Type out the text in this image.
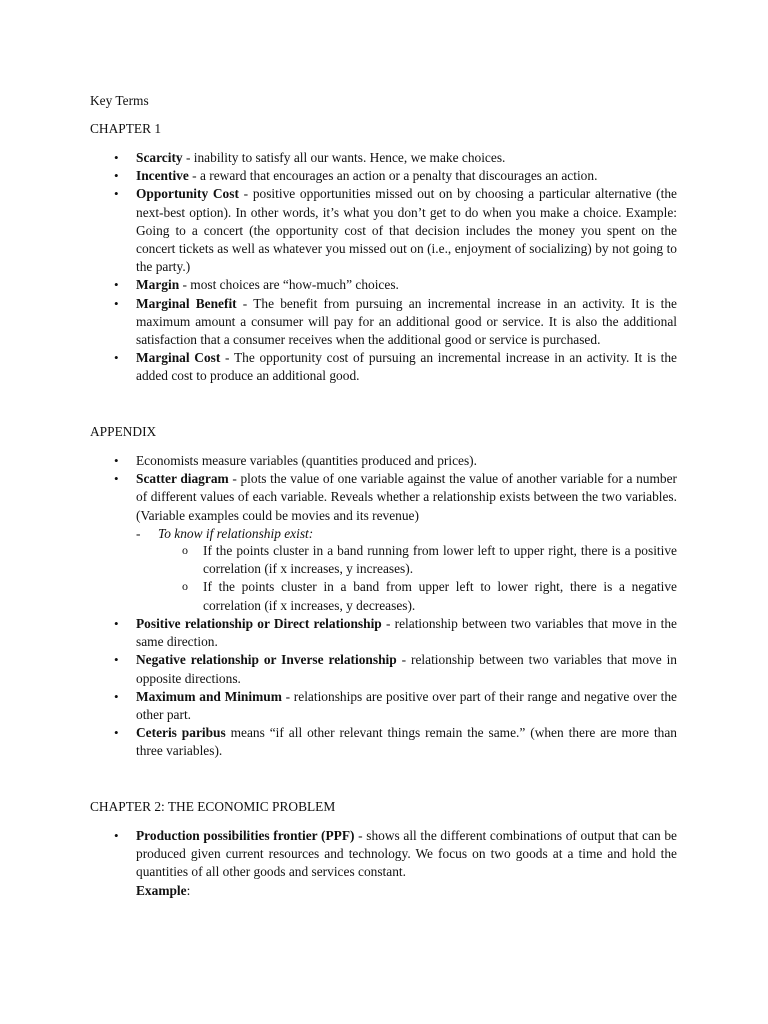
Key Terms
CHAPTER 1
• Scarcity - inability to satisfy all our wants. Hence, we make choices.
• Incentive - a reward that encourages an action or a penalty that discourages an action.
• Opportunity Cost - positive opportunities missed out on by choosing a particular alternative (the next-best option). In other words, it’s what you don’t get to do when you make a choice. Example: Going to a concert (the opportunity cost of that decision includes the money you spent on the concert tickets as well as whatever you missed out on (i.e., enjoyment of socializing) by not going to the party.)
• Margin - most choices are “how-much” choices.
• Marginal Benefit - The benefit from pursuing an incremental increase in an activity. It is the maximum amount a consumer will pay for an additional good or service. It is also the additional satisfaction that a consumer receives when the additional good or service is purchased.
• Marginal Cost - The opportunity cost of pursuing an incremental increase in an activity. It is the added cost to produce an additional good.
APPENDIX
• Economists measure variables (quantities produced and prices).
• Scatter diagram - plots the value of one variable against the value of another variable for a number of different values of each variable. Reveals whether a relationship exists between the two variables. (Variable examples could be movies and its revenue)
- To know if relationship exist:
o If the points cluster in a band running from lower left to upper right, there is a positive correlation (if x increases, y increases).
o If the points cluster in a band from upper left to lower right, there is a negative correlation (if x increases, y decreases).
• Positive relationship or Direct relationship - relationship between two variables that move in the same direction.
• Negative relationship or Inverse relationship - relationship between two variables that move in opposite directions.
• Maximum and Minimum - relationships are positive over part of their range and negative over the other part.
• Ceteris paribus means “if all other relevant things remain the same.” (when there are more than three variables).
CHAPTER 2: THE ECONOMIC PROBLEM
• Production possibilities frontier (PPF) - shows all the different combinations of output that can be produced given current resources and technology. We focus on two goods at a time and hold the quantities of all other goods and services constant.
Example:
